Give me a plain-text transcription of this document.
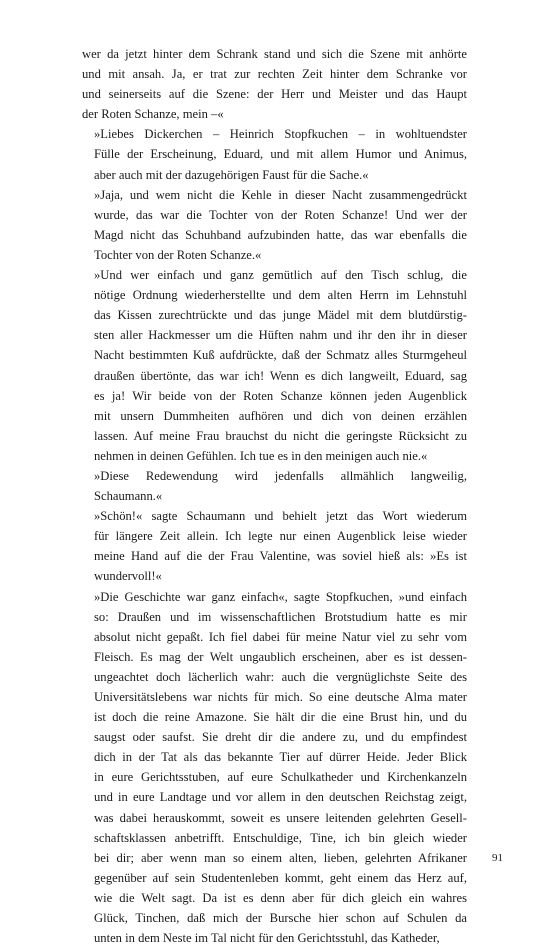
wer da jetzt hinter dem Schrank stand und sich die Szene mit anhörte
und mit ansah. Ja, er trat zur rechten Zeit hinter dem Schranke vor
und seinerseits auf die Szene: der Herr und Meister und das Haupt
der Roten Schanze, mein –«
»Liebes Dickerchen – Heinrich Stopfkuchen – in wohltuendster
Fülle der Erscheinung, Eduard, und mit allem Humor und Animus,
aber auch mit der dazugehörigen Faust für die Sache.«
»Jaja, und wem nicht die Kehle in dieser Nacht zusammengedrückt
wurde, das war die Tochter von der Roten Schanze! Und wer der
Magd nicht das Schuhband aufzubinden hatte, das war ebenfalls die
Tochter von der Roten Schanze.«
»Und wer einfach und ganz gemütlich auf den Tisch schlug, die
nötige Ordnung wiederherstellte und dem alten Herrn im Lehnstuhl
das Kissen zurechtrückte und das junge Mädel mit dem blutdürstig-
sten aller Hackmesser um die Hüften nahm und ihr den ihr in dieser
Nacht bestimmten Kuß aufdrückte, daß der Schmatz alles Sturmgeheul
draußen übertönte, das war ich! Wenn es dich langweilt, Eduard, sag
es ja! Wir beide von der Roten Schanze können jeden Augenblick
mit unsern Dummheiten aufhören und dich von deinen erzählen
lassen. Auf meine Frau brauchst du nicht die geringste Rücksicht zu
nehmen in deinen Gefühlen. Ich tue es in den meinigen auch nie.«
»Diese Redewendung wird jedenfalls allmählich langweilig,
Schaumann.«
»Schön!« sagte Schaumann und behielt jetzt das Wort wiederum
für längere Zeit allein. Ich legte nur einen Augenblick leise wieder
meine Hand auf die der Frau Valentine, was soviel hieß als: »Es ist
wundervoll!«
»Die Geschichte war ganz einfach«, sagte Stopfkuchen, »und einfach
so: Draußen und im wissenschaftlichen Brotstudium hatte es mir
absolut nicht gepaßt. Ich fiel dabei für meine Natur viel zu sehr vom
Fleisch. Es mag der Welt ungaublich erscheinen, aber es ist dessen-
ungeachtet doch lächerlich wahr: auch die vergnüglichste Seite des
Universitätslebens war nichts für mich. So eine deutsche Alma mater
ist doch die reine Amazone. Sie hält dir die eine Brust hin, und du
saugst oder saufst. Sie dreht dir die andere zu, und du empfindest
dich in der Tat als das bekannte Tier auf dürrer Heide. Jeder Blick
in eure Gerichtsstuben, auf eure Schulkatheder und Kirchenkanzeln
und in eure Landtage und vor allem in den deutschen Reichstag zeigt,
was dabei herauskommt, soweit es unsere leitenden gelehrten Gesell-
schaftsklassen anbetrifft. Entschuldige, Tine, ich bin gleich wieder
bei dir; aber wenn man so einem alten, lieben, gelehrten Afrikaner
gegenüber auf sein Studentenleben kommt, geht einem das Herz auf,
wie die Welt sagt. Da ist es denn aber für dich gleich ein wahres
Glück, Tinchen, daß mich der Bursche hier schon auf Schulen da
unten in dem Neste im Tal nicht für den Gerichtsstuhl, das Katheder,
91
